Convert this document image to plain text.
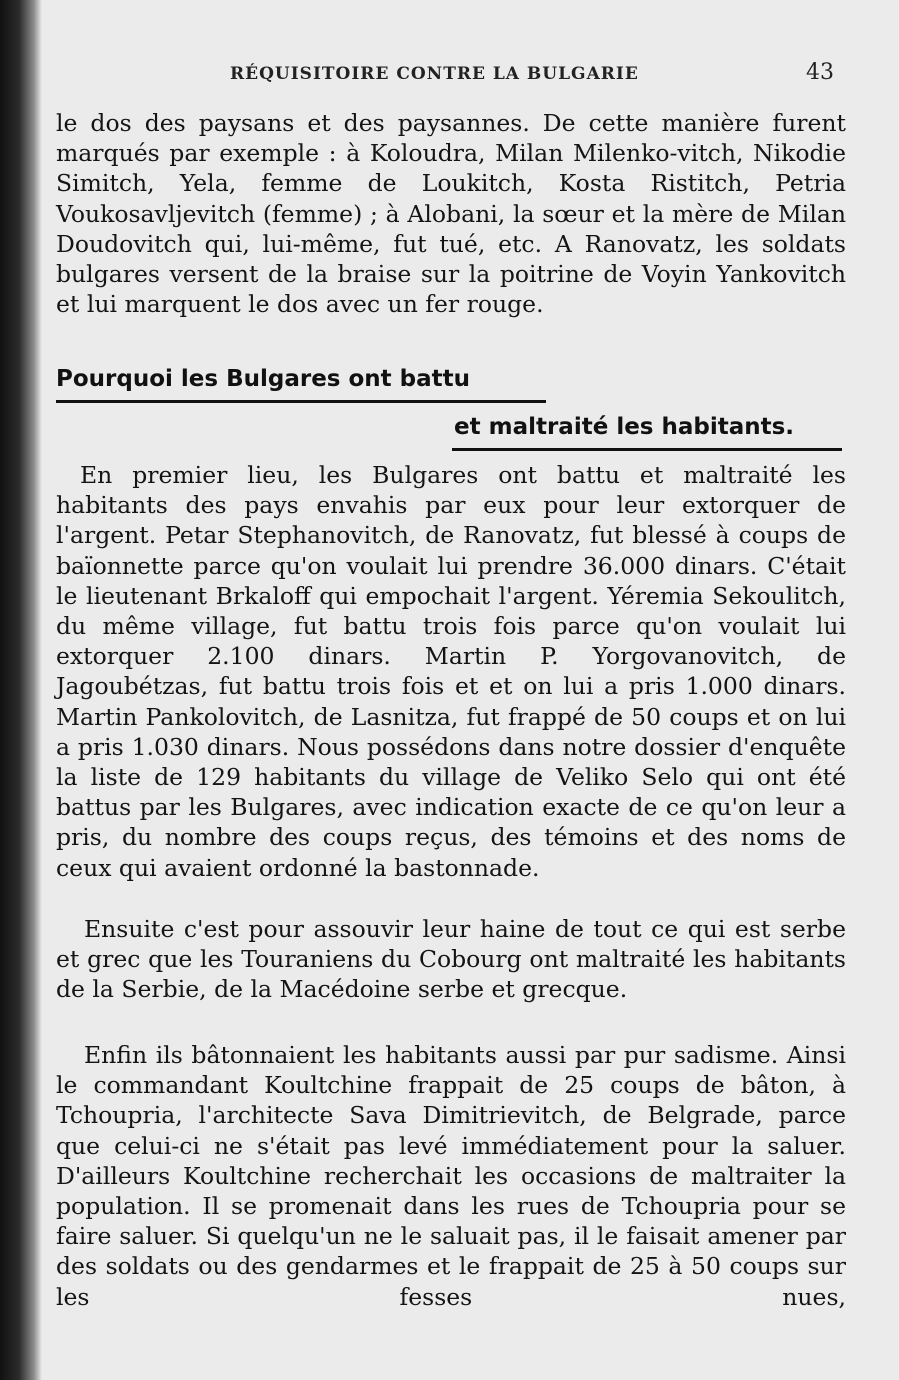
RÉQUISITOIRE CONTRE LA BULGARIE	43

le dos des paysans et des paysannes. De cette manière furent marqués par exemple : à Koloudra, Milan Milenko-vitch, Nikodie Simitch, Yela, femme de Loukitch, Kosta Ristitch, Petria Voukosavljevitch (femme) ; à Alobani, la sœur et la mère de Milan Doudovitch qui, lui-même, fut tué, etc. A Ranovatz, les soldats bulgares versent de la braise sur la poitrine de Voyin Yankovitch et lui marquent le dos avec un fer rouge.

Pourquoi les Bulgares ont battu
et maltraité les habitants.

En premier lieu, les Bulgares ont battu et maltraité les habitants des pays envahis par eux pour leur extorquer de l'argent. Petar Stephanovitch, de Ranovatz, fut blessé à coups de baïonnette parce qu'on voulait lui prendre 36.000 dinars. C'était le lieutenant Brkaloff qui empochait l'argent. Yéremia Sekoulitch, du même village, fut battu trois fois parce qu'on voulait lui extorquer 2.100 dinars. Martin P. Yorgovanovitch, de Jagoubétzas, fut battu trois fois et et on lui a pris 1.000 dinars. Martin Pankolovitch, de Lasnitza, fut frappé de 50 coups et on lui a pris 1.030 dinars. Nous possédons dans notre dossier d'enquête la liste de 129 habitants du village de Veliko Selo qui ont été battus par les Bulgares, avec indication exacte de ce qu'on leur a pris, du nombre des coups reçus, des témoins et des noms de ceux qui avaient ordonné la bastonnade.

Ensuite c'est pour assouvir leur haine de tout ce qui est serbe et grec que les Touraniens du Cobourg ont maltraité les habitants de la Serbie, de la Macédoine serbe et grecque.

Enfin ils bâtonnaient les habitants aussi par pur sadisme. Ainsi le commandant Koultchine frappait de 25 coups de bâton, à Tchoupria, l'architecte Sava Dimitrievitch, de Belgrade, parce que celui-ci ne s'était pas levé immédiatement pour la saluer. D'ailleurs Koultchine recherchait les occasions de maltraiter la population. Il se promenait dans les rues de Tchoupria pour se faire saluer. Si quelqu'un ne le saluait pas, il le faisait amener par des soldats ou des gendarmes et le frappait de 25 à 50 coups sur les fesses nues,
